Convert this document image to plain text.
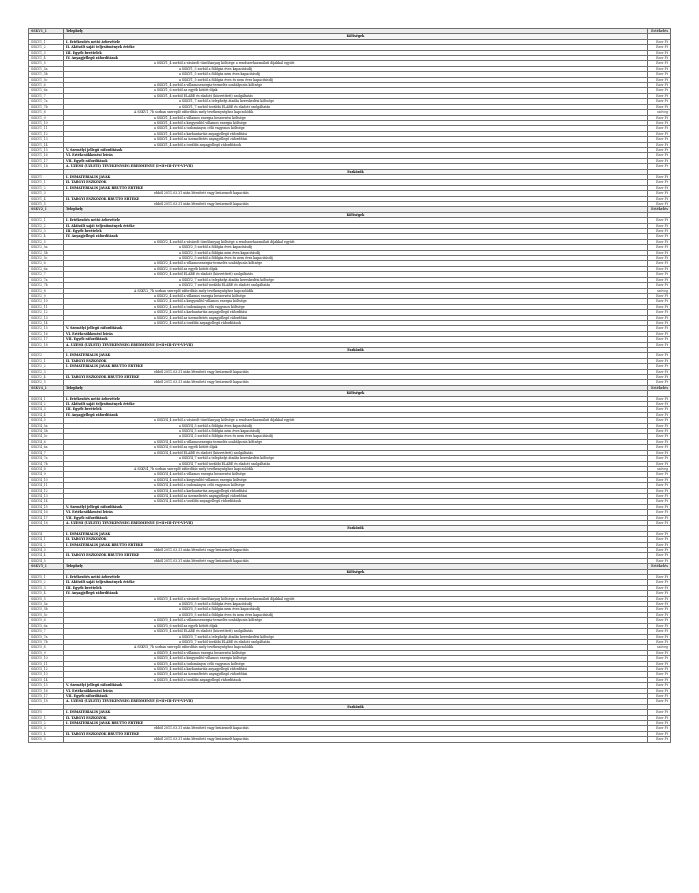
SSKV1_1	Telephely	Értékelés
	Költségek	
SSKV1_1	I. Értékesítés nettó árbevétele	Ezer Ft
SSKV1_2	II. Aktivált saját teljesítmények értéke	Ezer Ft
SSKV1_3	III. Egyéb bevételek	Ezer Ft
SSKV1_4	IV. Anyagjellegű ráfordítások	Ezer Ft
SSKV1_5	a SSKV1_4 sorból a vásárolt tüzelőanyag költsége a rendszerhasználati díjakkal együtt	Ezer Ft
SSKV1_5a	a SSKV1_5 sorból a földgáz éves kapacitásdíj	Ezer Ft
SSKV1_5b	a SSKV1_5 sorból a földgáz nem éves kapacitásdíj	Ezer Ft
SSKV1_5c	a SSKV1_5 sorból a földgáz éves és nem éves kapacitásdíj	Ezer Ft
SSKV1_6	a SSKV1_4 sorból a villamosenergia-termelés szabályozás költsége	Ezer Ft
SSKV1_6a	a SSKV1_6 sorból az egyéb kötött díjak	Ezer Ft
SSKV1_7	a SSKV1_4 sorból ELÁBÉ és eladott (közvetített) szolgáltatás	Ezer Ft
SSKV1_7a	a SSKV1_7 sorból a telephelyi átadás kereskedési költsége	Ezer Ft
SSKV1_7b	a SSKV1_7 sorból további ELÁBÉ és eladott szolgáltatás	Ezer Ft
SSKV1_8	A SSKV1_7b sorban szereplő ráfordítás mely tevékenységhez kapcsolódik	szöveg
SSKV1_9	a SSKV1_4 sorból a villamos energia beszerzési költsége	Ezer Ft
SSKV1_10	a SSKV1_4 sorból a kiegyenlítő villamos energia költsége	Ezer Ft
SSKV1_11	a SSKV1_4 sorból a tudományos célú vagyonos költsége	Ezer Ft
SSKV1_12	a SSKV1_4 sorból a karbantartás anyagjellegű ráfordítási	Ezer Ft
SSKV1_13	a SSKV1_4 sorból az üzemeltetés anyagjellegű ráfordítási	Ezer Ft
SSKV1_14	a SSKV1_4 sorból a további anyagjellegű ráfordítások	Ezer Ft
SSKV1_15	V. Személyi jellegű ráfordítások	Ezer Ft
SSKV1_16	VI. Értékcsökkenési leírás	Ezer Ft
SSKV1_17	VII. Egyéb ráfordítások	Ezer Ft
SSKV1_18	A. ÜZEMI (ÜZLETI) TEVÉKENYSÉG EREDMÉNYE (I+II+III-IV-V-VI-VII)	Ezer Ft
	Eszközök	
SSKV1	I. IMMATERIÁLIS JAVAK	Ezer Ft
SSKV1_1	II. TÁRGYI ESZKÖZÖK	Ezer Ft
SSKV1_2	I. IMMATERIÁLIS JAVAK BRUTTÓ ÉRTÉKE	Ezer Ft
SSKV1_3	ebből 2011.03.31 után létesített vagy beüzemelt kapacitás	Ezer Ft
SSKV1_4	II. TÁRGYI ESZKÖZÖK BRUTTÓ ÉRTÉKE	Ezer Ft
SSKV1_5	ebből 2011.03.31 után létesített vagy beüzemelt kapacitás	Ezer Ft
SSKV2_1	Telephely	Értékelés
	Költségek	
SSKV2_1	I. Értékesítés nettó árbevétele	Ezer Ft
SSKV2_2	II. Aktivált saját teljesítmények értéke	Ezer Ft
SSKV2_3	III. Egyéb bevételek	Ezer Ft
SSKV2_4	IV. Anyagjellegű ráfordítások	Ezer Ft
SSKV2_5	a SSKV2_4 sorból a vásárolt tüzelőanyag költsége a rendszerhasználati díjakkal együtt	Ezer Ft
SSKV2_5a	a SSKV2_5 sorból a földgáz éves kapacitásdíj	Ezer Ft
SSKV2_5b	a SSKV2_5 sorból a földgáz nem éves kapacitásdíj	Ezer Ft
SSKV2_5c	a SSKV2_5 sorból a földgáz éves és nem éves kapacitásdíj	Ezer Ft
SSKV2_6	a SSKV2_4 sorból a villamosenergia-termelés szabályozás költsége	Ezer Ft
SSKV2_6a	a SSKV2_6 sorból az egyéb kötött díjak	Ezer Ft
SSKV2_7	a SSKV2_4 sorból ELÁBÉ és eladott (közvetített) szolgáltatás	Ezer Ft
SSKV2_7a	a SSKV2_7 sorból a telephelyi átadás kereskedési költsége	Ezer Ft
SSKV2_7b	a SSKV2_7 sorból további ELÁBÉ és eladott szolgáltatás	Ezer Ft
SSKV2_8	A SSKV2_7b sorban szereplő ráfordítás mely tevékenységhez kapcsolódik	szöveg
SSKV2_9	a SSKV2_4 sorból a villamos energia beszerzési költsége	Ezer Ft
SSKV2_10	a SSKV2_4 sorból a kiegyenlítő villamos energia költsége	Ezer Ft
SSKV2_11	a SSKV2_4 sorból a tudományos célú vagyonos költsége	Ezer Ft
SSKV2_12	a SSKV2_4 sorból a karbantartás anyagjellegű ráfordítási	Ezer Ft
SSKV2_13	a SSKV2_4 sorból az üzemeltetés anyagjellegű ráfordítási	Ezer Ft
SSKV2_14	a SSKV2_4 sorból a további anyagjellegű ráfordítások	Ezer Ft
SSKV2_15	V. Személyi jellegű ráfordítások	Ezer Ft
SSKV2_16	VI. Értékcsökkenési leírás	Ezer Ft
SSKV2_17	VII. Egyéb ráfordítások	Ezer Ft
SSKV2_18	A. ÜZEMI (ÜZLETI) TEVÉKENYSÉG EREDMÉNYE (I+II+III-IV-V-VI-VII)	Ezer Ft
	Eszközök	
SSKV2	I. IMMATERIÁLIS JAVAK	Ezer Ft
SSKV2_1	II. TÁRGYI ESZKÖZÖK	Ezer Ft
SSKV2_2	I. IMMATERIÁLIS JAVAK BRUTTÓ ÉRTÉKE	Ezer Ft
SSKV2_3	ebből 2011.03.31 után létesített vagy beüzemelt kapacitás	Ezer Ft
SSKV2_4	II. TÁRGYI ESZKÖZÖK BRUTTÓ ÉRTÉKE	Ezer Ft
SSKV2_5	ebből 2011.03.31 után létesített vagy beüzemelt kapacitás	Ezer Ft
SSKV4_1	Telephely	Értékelés
	Költségek	
SSKV4_1	I. Értékesítés nettó árbevétele	Ezer Ft
SSKV4_2	II. Aktivált saját teljesítmények értéke	Ezer Ft
SSKV4_3	III. Egyéb bevételek	Ezer Ft
SSKV4_4	IV. Anyagjellegű ráfordítások	Ezer Ft
SSKV4_5	a SSKV4_4 sorból a vásárolt tüzelőanyag költsége a rendszerhasználati díjakkal együtt	Ezer Ft
SSKV4_5a	a SSKV4_5 sorból a földgáz éves kapacitásdíj	Ezer Ft
SSKV4_5b	a SSKV4_5 sorból a földgáz nem éves kapacitásdíj	Ezer Ft
SSKV4_5c	a SSKV4_5 sorból a földgáz éves és nem éves kapacitásdíj	Ezer Ft
SSKV4_6	a SSKV4_4 sorból a villamosenergia-termelés szabályozás költsége	Ezer Ft
SSKV4_6a	a SSKV4_6 sorból az egyéb kötött díjak	Ezer Ft
SSKV4_7	a SSKV4_4 sorból ELÁBÉ és eladott (közvetített) szolgáltatás	Ezer Ft
SSKV4_7a	a SSKV4_7 sorból a telephelyi átadás kereskedési költsége	Ezer Ft
SSKV4_7b	a SSKV4_7 sorból további ELÁBÉ és eladott szolgáltatás	Ezer Ft
SSKV4_8	A SSKV4_7b sorban szereplő ráfordítás mely tevékenységhez kapcsolódik	szöveg
SSKV4_9	a SSKV4_4 sorból a villamos energia beszerzési költsége	Ezer Ft
SSKV4_10	a SSKV4_4 sorból a kiegyenlítő villamos energia költsége	Ezer Ft
SSKV4_11	a SSKV4_4 sorból a tudományos célú vagyonos költsége	Ezer Ft
SSKV4_12	a SSKV4_4 sorból a karbantartás anyagjellegű ráfordítási	Ezer Ft
SSKV4_13	a SSKV4_4 sorból az üzemeltetés anyagjellegű ráfordítási	Ezer Ft
SSKV4_14	a SSKV4_4 sorból a további anyagjellegű ráfordítások	Ezer Ft
SSKV4_15	V. Személyi jellegű ráfordítások	Ezer Ft
SSKV4_16	VI. Értékcsökkenési leírás	Ezer Ft
SSKV4_17	VII. Egyéb ráfordítások	Ezer Ft
SSKV4_18	A. ÜZEMI (ÜZLETI) TEVÉKENYSÉG EREDMÉNYE (I+II+III-IV-V-VI-VII)	Ezer Ft
	Eszközök	
SSKV4	I. IMMATERIÁLIS JAVAK	Ezer Ft
SSKV4_1	II. TÁRGYI ESZKÖZÖK	Ezer Ft
SSKV4_2	I. IMMATERIÁLIS JAVAK BRUTTÓ ÉRTÉKE	Ezer Ft
SSKV4_3	ebből 2011.03.31 után létesített vagy beüzemelt kapacitás	Ezer Ft
SSKV4_4	II. TÁRGYI ESZKÖZÖK BRUTTÓ ÉRTÉKE	Ezer Ft
SSKV4_5	ebből 2011.03.31 után létesített vagy beüzemelt kapacitás	Ezer Ft
SSKV5_1	Telephely	Értékelés
	Költségek	
SSKV5_1	I. Értékesítés nettó árbevétele	Ezer Ft
SSKV5_2	II. Aktivált saját teljesítmények értéke	Ezer Ft
SSKV5_3	III. Egyéb bevételek	Ezer Ft
SSKV5_4	IV. Anyagjellegű ráfordítások	Ezer Ft
SSKV5_5	a SSKV5_4 sorból a vásárolt tüzelőanyag költsége a rendszerhasználati díjakkal együtt	Ezer Ft
SSKV5_5a	a SSKV5_5 sorból a földgáz éves kapacitásdíj	Ezer Ft
SSKV5_5b	a SSKV5_5 sorból a földgáz nem éves kapacitásdíj	Ezer Ft
SSKV5_5c	a SSKV5_5 sorból a földgáz éves és nem éves kapacitásdíj	Ezer Ft
SSKV5_6	a SSKV5_4 sorból a villamosenergia-termelés szabályozás költsége	Ezer Ft
SSKV5_6a	a SSKV5_6 sorból az egyéb kötött díjak	Ezer Ft
SSKV5_7	a SSKV5_4 sorból ELÁBÉ és eladott (közvetített) szolgáltatás	Ezer Ft
SSKV5_7a	a SSKV5_7 sorból a telephelyi átadás kereskedési költsége	Ezer Ft
SSKV5_7b	a SSKV5_7 sorból további ELÁBÉ és eladott szolgáltatás	Ezer Ft
SSKV5_8	A SSKV5_7b sorban szereplő ráfordítás mely tevékenységhez kapcsolódik	szöveg
SSKV5_9	a SSKV5_4 sorból a villamos energia beszerzési költsége	Ezer Ft
SSKV5_10	a SSKV5_4 sorból a kiegyenlítő villamos energia költsége	Ezer Ft
SSKV5_11	a SSKV5_4 sorból a tudományos célú vagyonos költsége	Ezer Ft
SSKV5_12	a SSKV5_4 sorból a karbantartás anyagjellegű ráfordítási	Ezer Ft
SSKV5_13	a SSKV5_4 sorból az üzemeltetés anyagjellegű ráfordítási	Ezer Ft
SSKV5_14	a SSKV5_4 sorból a további anyagjellegű ráfordítások	Ezer Ft
SSKV5_15	V. Személyi jellegű ráfordítások	Ezer Ft
SSKV5_16	VI. Értékcsökkenési leírás	Ezer Ft
SSKV5_17	VII. Egyéb ráfordítások	Ezer Ft
SSKV5_18	A. ÜZEMI (ÜZLETI) TEVÉKENYSÉG EREDMÉNYE (I+II+III-IV-V-VI-VII)	Ezer Ft
	Eszközök	
SSKV5	I. IMMATERIÁLIS JAVAK	Ezer Ft
SSKV5_1	II. TÁRGYI ESZKÖZÖK	Ezer Ft
SSKV5_2	I. IMMATERIÁLIS JAVAK BRUTTÓ ÉRTÉKE	Ezer Ft
SSKV5_3	ebből 2011.03.31 után létesített vagy beüzemelt kapacitás	Ezer Ft
SSKV5_4	II. TÁRGYI ESZKÖZÖK BRUTTÓ ÉRTÉKE	Ezer Ft
SSKV5_5	ebből 2011.03.31 után létesített vagy beüzemelt kapacitás	Ezer Ft
